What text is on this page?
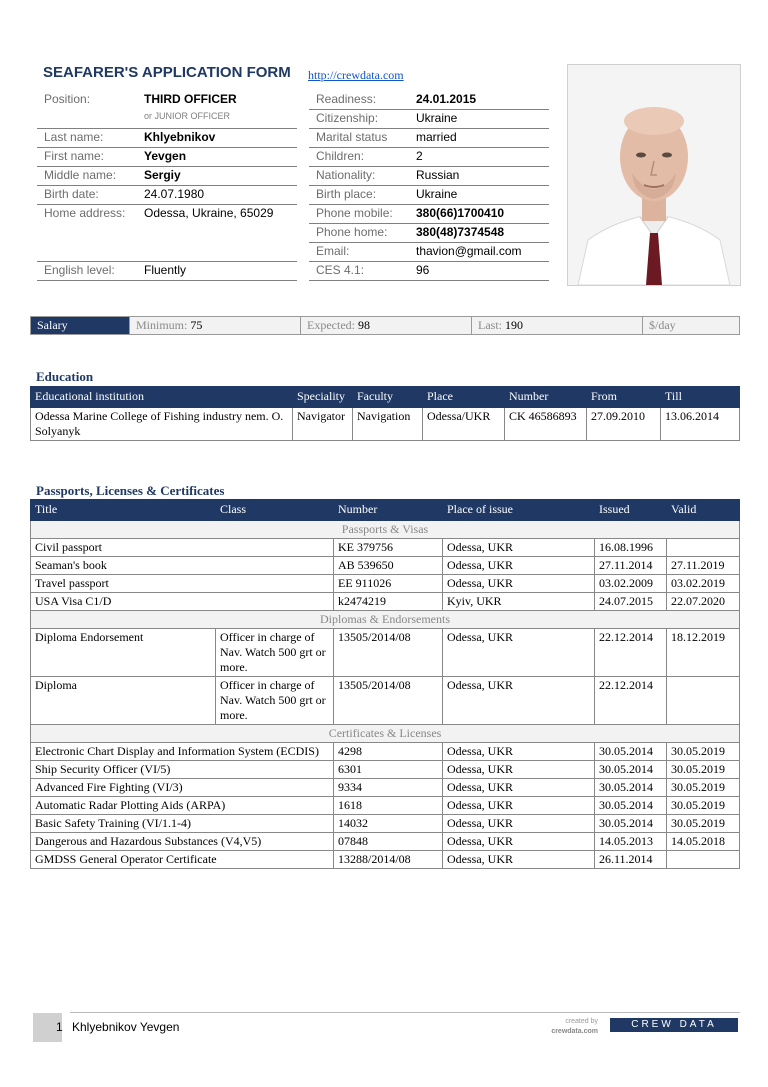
SEAFARER'S APPLICATION FORM http://crewdata.com
Position:	THIRD OFFICER		Readiness:	24.01.2015
	or JUNIOR OFFICER		Citizenship:	Ukraine
Last name:	Khlyebnikov		Marital status	married
First name:	Yevgen		Children:	2
Middle name:	Sergiy		Nationality:	Russian
Birth date:	24.07.1980		Birth place:	Ukraine
Home address:	Odessa, Ukraine, 65029		Phone mobile:	380(66)1700410
			Phone home:	380(48)7374548
			Email:	thavion@gmail.com
English level:	Fluently		CES 4.1:	96
Salary	Minimum: 75	Expected: 98	Last: 190	$/day
Education
Educational institution	Speciality	Faculty	Place	Number	From	Till
Odessa Marine College of Fishing industry nem. O.Solyanyk	Navigator	Navigation	Odessa/UKR	CK 46586893	27.09.2010	13.06.2014
Passports, Licenses & Certificates
Title	Class	Number	Place of issue	Issued	Valid
Passports & Visas					
Civil passport		KE 379756	Odessa, UKR	16.08.1996	
Seaman's book		AB 539650	Odessa, UKR	27.11.2014	27.11.2019
Travel passport		EE 911026	Odessa, UKR	03.02.2009	03.02.2019
USA Visa C1/D		k2474219	Kyiv, UKR	24.07.2015	22.07.2020
Diplomas & Endorsements					
Diploma Endorsement	Officer in charge of Nav. Watch 500 grt or more.	13505/2014/08	Odessa, UKR	22.12.2014	18.12.2019
Diploma	Officer in charge of Nav. Watch 500 grt or more.	13505/2014/08	Odessa, UKR	22.12.2014	
Certificates & Licenses					
Electronic Chart Display and Information System (ECDIS)		4298	Odessa, UKR	30.05.2014	30.05.2019
Ship Security Officer (VI/5)		6301	Odessa, UKR	30.05.2014	30.05.2019
Advanced Fire Fighting (VI/3)		9334	Odessa, UKR	30.05.2014	30.05.2019
Automatic Radar Plotting Aids (ARPA)		1618	Odessa, UKR	30.05.2014	30.05.2019
Basic Safety Training (VI/1.1-4)		14032	Odessa, UKR	30.05.2014	30.05.2019
Dangerous and Hazardous Substances (V4,V5)		07848	Odessa, UKR	14.05.2013	14.05.2018
GMDSS General Operator Certificate		13288/2014/08	Odessa, UKR	26.11.2014	
1 Khlyebnikov Yevgen	created by
crewdata.com
CREW DATA
